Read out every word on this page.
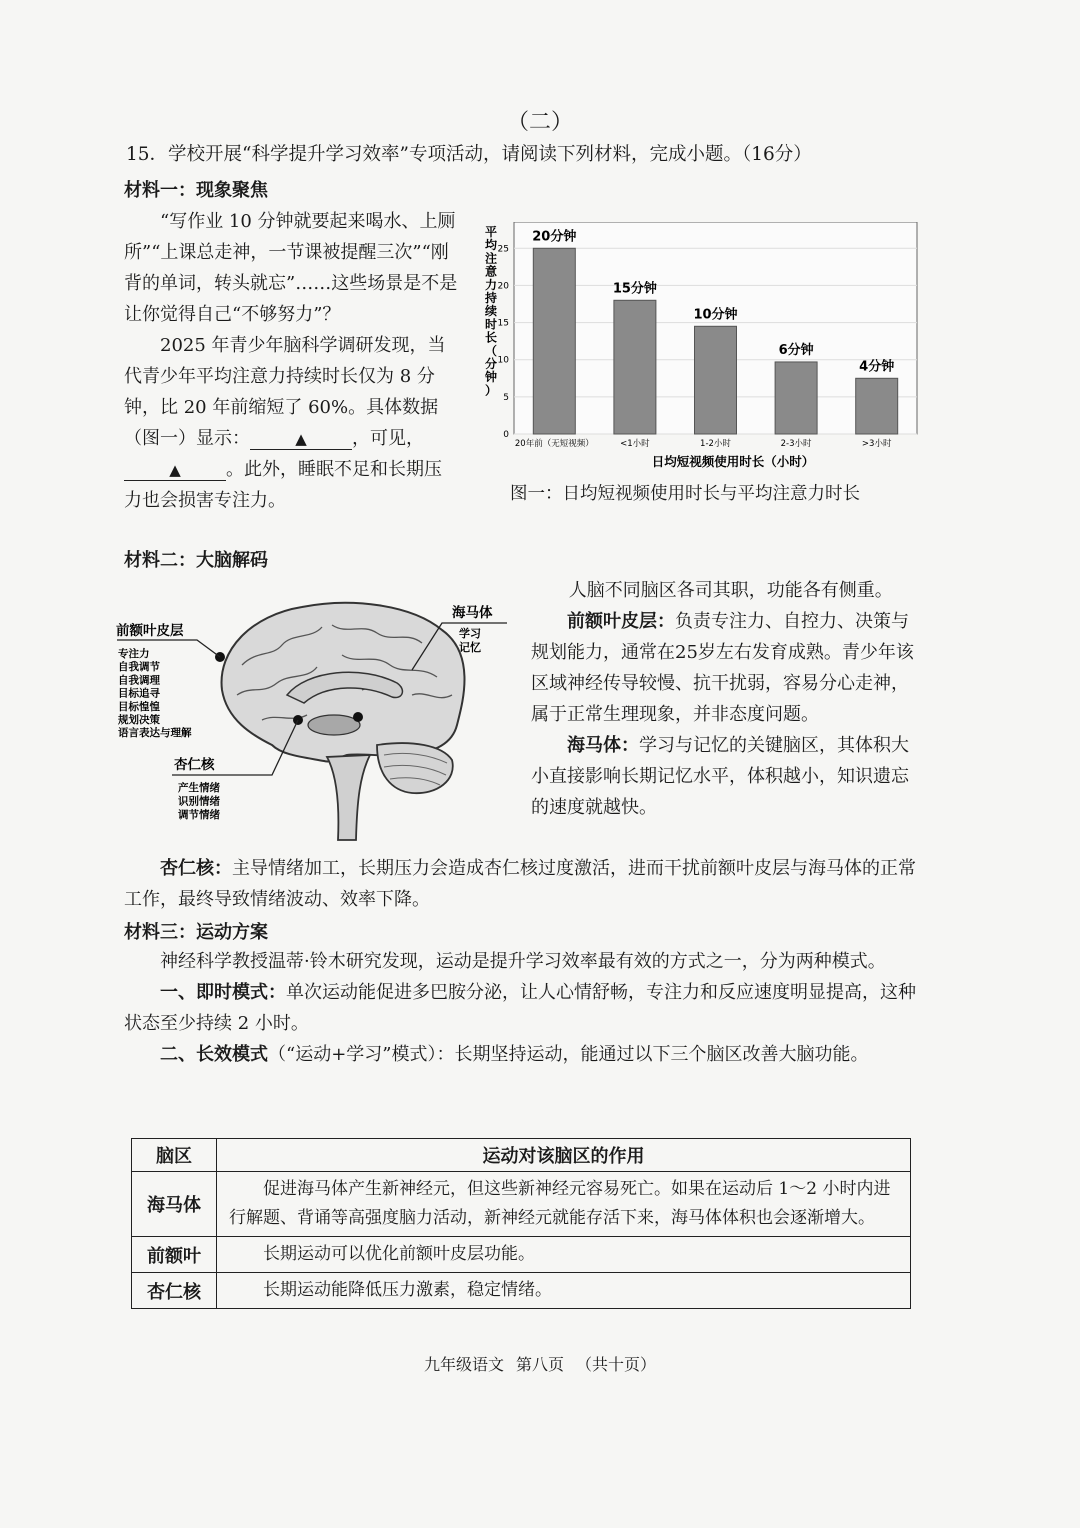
（二）
15．学校开展“科学提升学习效率”专项活动，请阅读下列材料，完成小题。（16分）
材料一：现象聚焦

“写作业 10 分钟就要起来喝水、上厕所”“上课总走神，一节课被提醒三次”“刚背的单词，转头就忘”……这些场景是不是让你觉得自己“不够努力”？

2025 年青少年脑科学调研发现，当代青少年平均注意力持续时长仅为 8 分钟，比 20 年前缩短了 60%。具体数据（图一）显示：	▲	，可见，▲	。此外，睡眠不足和长期压力也会损害专注力。

20分钟
15分钟
10分钟
6分钟
4分钟
0
5
10
15
20
25
20年前（无短视频）	<1小时	1-2小时	2-3小时	>3小时
平均注意力持续时长（分钟）
日均短视频使用时长（小时）
图一：日均短视频使用时长与平均注意力时长
材料二：大脑解码
前额叶皮层
专注力
自我调节
自我调理
目标追寻
目标惶惶
规划决策
语言表达与理解
海马体
学习
记忆
杏仁核
产生情绪
识别情绪
调节情绪

人脑不同脑区各司其职，功能各有侧重。

前额叶皮层：负责专注力、自控力、决策与规划能力，通常在25岁左右发育成熟。青少年该区域神经传导较慢、抗干扰弱，容易分心走神，属于正常生理现象，并非态度问题。

海马体：学习与记忆的关键脑区，其体积大小直接影响长期记忆水平，体积越小，知识遗忘的速度就越快。

杏仁核：主导情绪加工，长期压力会造成杏仁核过度激活，进而干扰前额叶皮层与海马体的正常工作，最终导致情绪波动、效率下降。

材料三：运动方案

神经科学教授温蒂·铃木研究发现，运动是提升学习效率最有效的方式之一，分为两种模式。

一、即时模式：单次运动能促进多巴胺分泌，让人心情舒畅，专注力和反应速度明显提高，这种状态至少持续 2 小时。

二、长效模式（“运动+学习”模式）：长期坚持运动，能通过以下三个脑区改善大脑功能。

脑区	运动对该脑区的作用
海马体	促进海马体产生新神经元，但这些新神经元容易死亡。如果在运动后 1～2 小时内进行解题、背诵等高强度脑力活动，新神经元就能存活下来，海马体体积也会逐渐增大。
前额叶	长期运动可以优化前额叶皮层功能。
杏仁核	长期运动能降低压力激素，稳定情绪。
九年级语文 第八页 （共十页）
